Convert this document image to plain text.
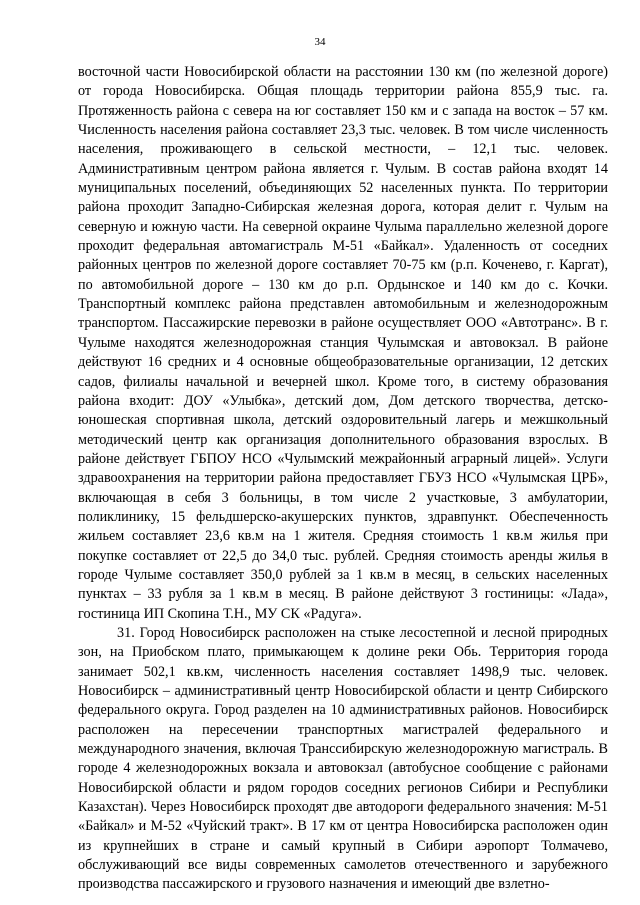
34

восточной части Новосибирской области на расстоянии 130 км (по железной дороге) от города Новосибирска. Общая площадь территории района 855,9 тыс. га. Протяженность района с севера на юг составляет 150 км и с запада на восток – 57 км. Численность населения района составляет 23,3 тыс. человек. В том числе численность населения, проживающего в сельской местности, – 12,1 тыс. человек. Административным центром района является г. Чулым. В состав района входят 14 муниципальных поселений, объединяющих 52 населенных пункта. По территории района проходит Западно-Сибирская железная дорога, которая делит г. Чулым на северную и южную части. На северной окраине Чулыма параллельно железной дороге проходит федеральная автомагистраль М-51 «Байкал». Удаленность от соседних районных центров по железной дороге составляет 70-75 км (р.п. Коченево, г. Каргат), по автомобильной дороге – 130 км до р.п. Ордынское и 140 км до с. Кочки. Транспортный комплекс района представлен автомобильным и железнодорожным транспортом. Пассажирские перевозки в районе осуществляет ООО «Автотранс». В г. Чулыме находятся железнодорожная станция Чулымская и автовокзал. В районе действуют 16 средних и 4 основные общеобразовательные организации, 12 детских садов, филиалы начальной и вечерней школ. Кроме того, в систему образования района входит: ДОУ «Улыбка», детский дом, Дом детского творчества, детско-юношеская спортивная школа, детский оздоровительный лагерь и межшкольный методический центр как организация дополнительного образования взрослых. В районе действует ГБПОУ НСО «Чулымский межрайонный аграрный лицей». Услуги здравоохранения на территории района предоставляет ГБУЗ НСО «Чулымская ЦРБ», включающая в себя 3 больницы, в том числе 2 участковые, 3 амбулатории, поликлинику, 15 фельдшерско-акушерских пунктов, здравпункт. Обеспеченность жильем составляет 23,6 кв.м на 1 жителя. Средняя стоимость 1 кв.м жилья при покупке составляет от 22,5 до 34,0 тыс. рублей. Средняя стоимость аренды жилья в городе Чулыме составляет 350,0 рублей за 1 кв.м в месяц, в сельских населенных пунктах – 33 рубля за 1 кв.м в месяц. В районе действуют 3 гостиницы: «Лада», гостиница ИП Скопина Т.Н., МУ СК «Радуга».

31. Город Новосибирск расположен на стыке лесостепной и лесной природных зон, на Приобском плато, примыкающем к долине реки Обь. Территория города занимает 502,1 кв.км, численность населения составляет 1498,9 тыс. человек. Новосибирск – административный центр Новосибирской области и центр Сибирского федерального округа. Город разделен на 10 административных районов. Новосибирск расположен на пересечении транспортных магистралей федерального и международного значения, включая Транссибирскую железнодорожную магистраль. В городе 4 железнодорожных вокзала и автовокзал (автобусное сообщение с районами Новосибирской области и рядом городов соседних регионов Сибири и Республики Казахстан). Через Новосибирск проходят две автодороги федерального значения: М-51 «Байкал» и М-52 «Чуйский тракт». В 17 км от центра Новосибирска расположен один из крупнейших в стране и самый крупный в Сибири аэропорт Толмачево, обслуживающий все виды современных самолетов отечественного и зарубежного производства пассажирского и грузового назначения и имеющий две взлетно-
